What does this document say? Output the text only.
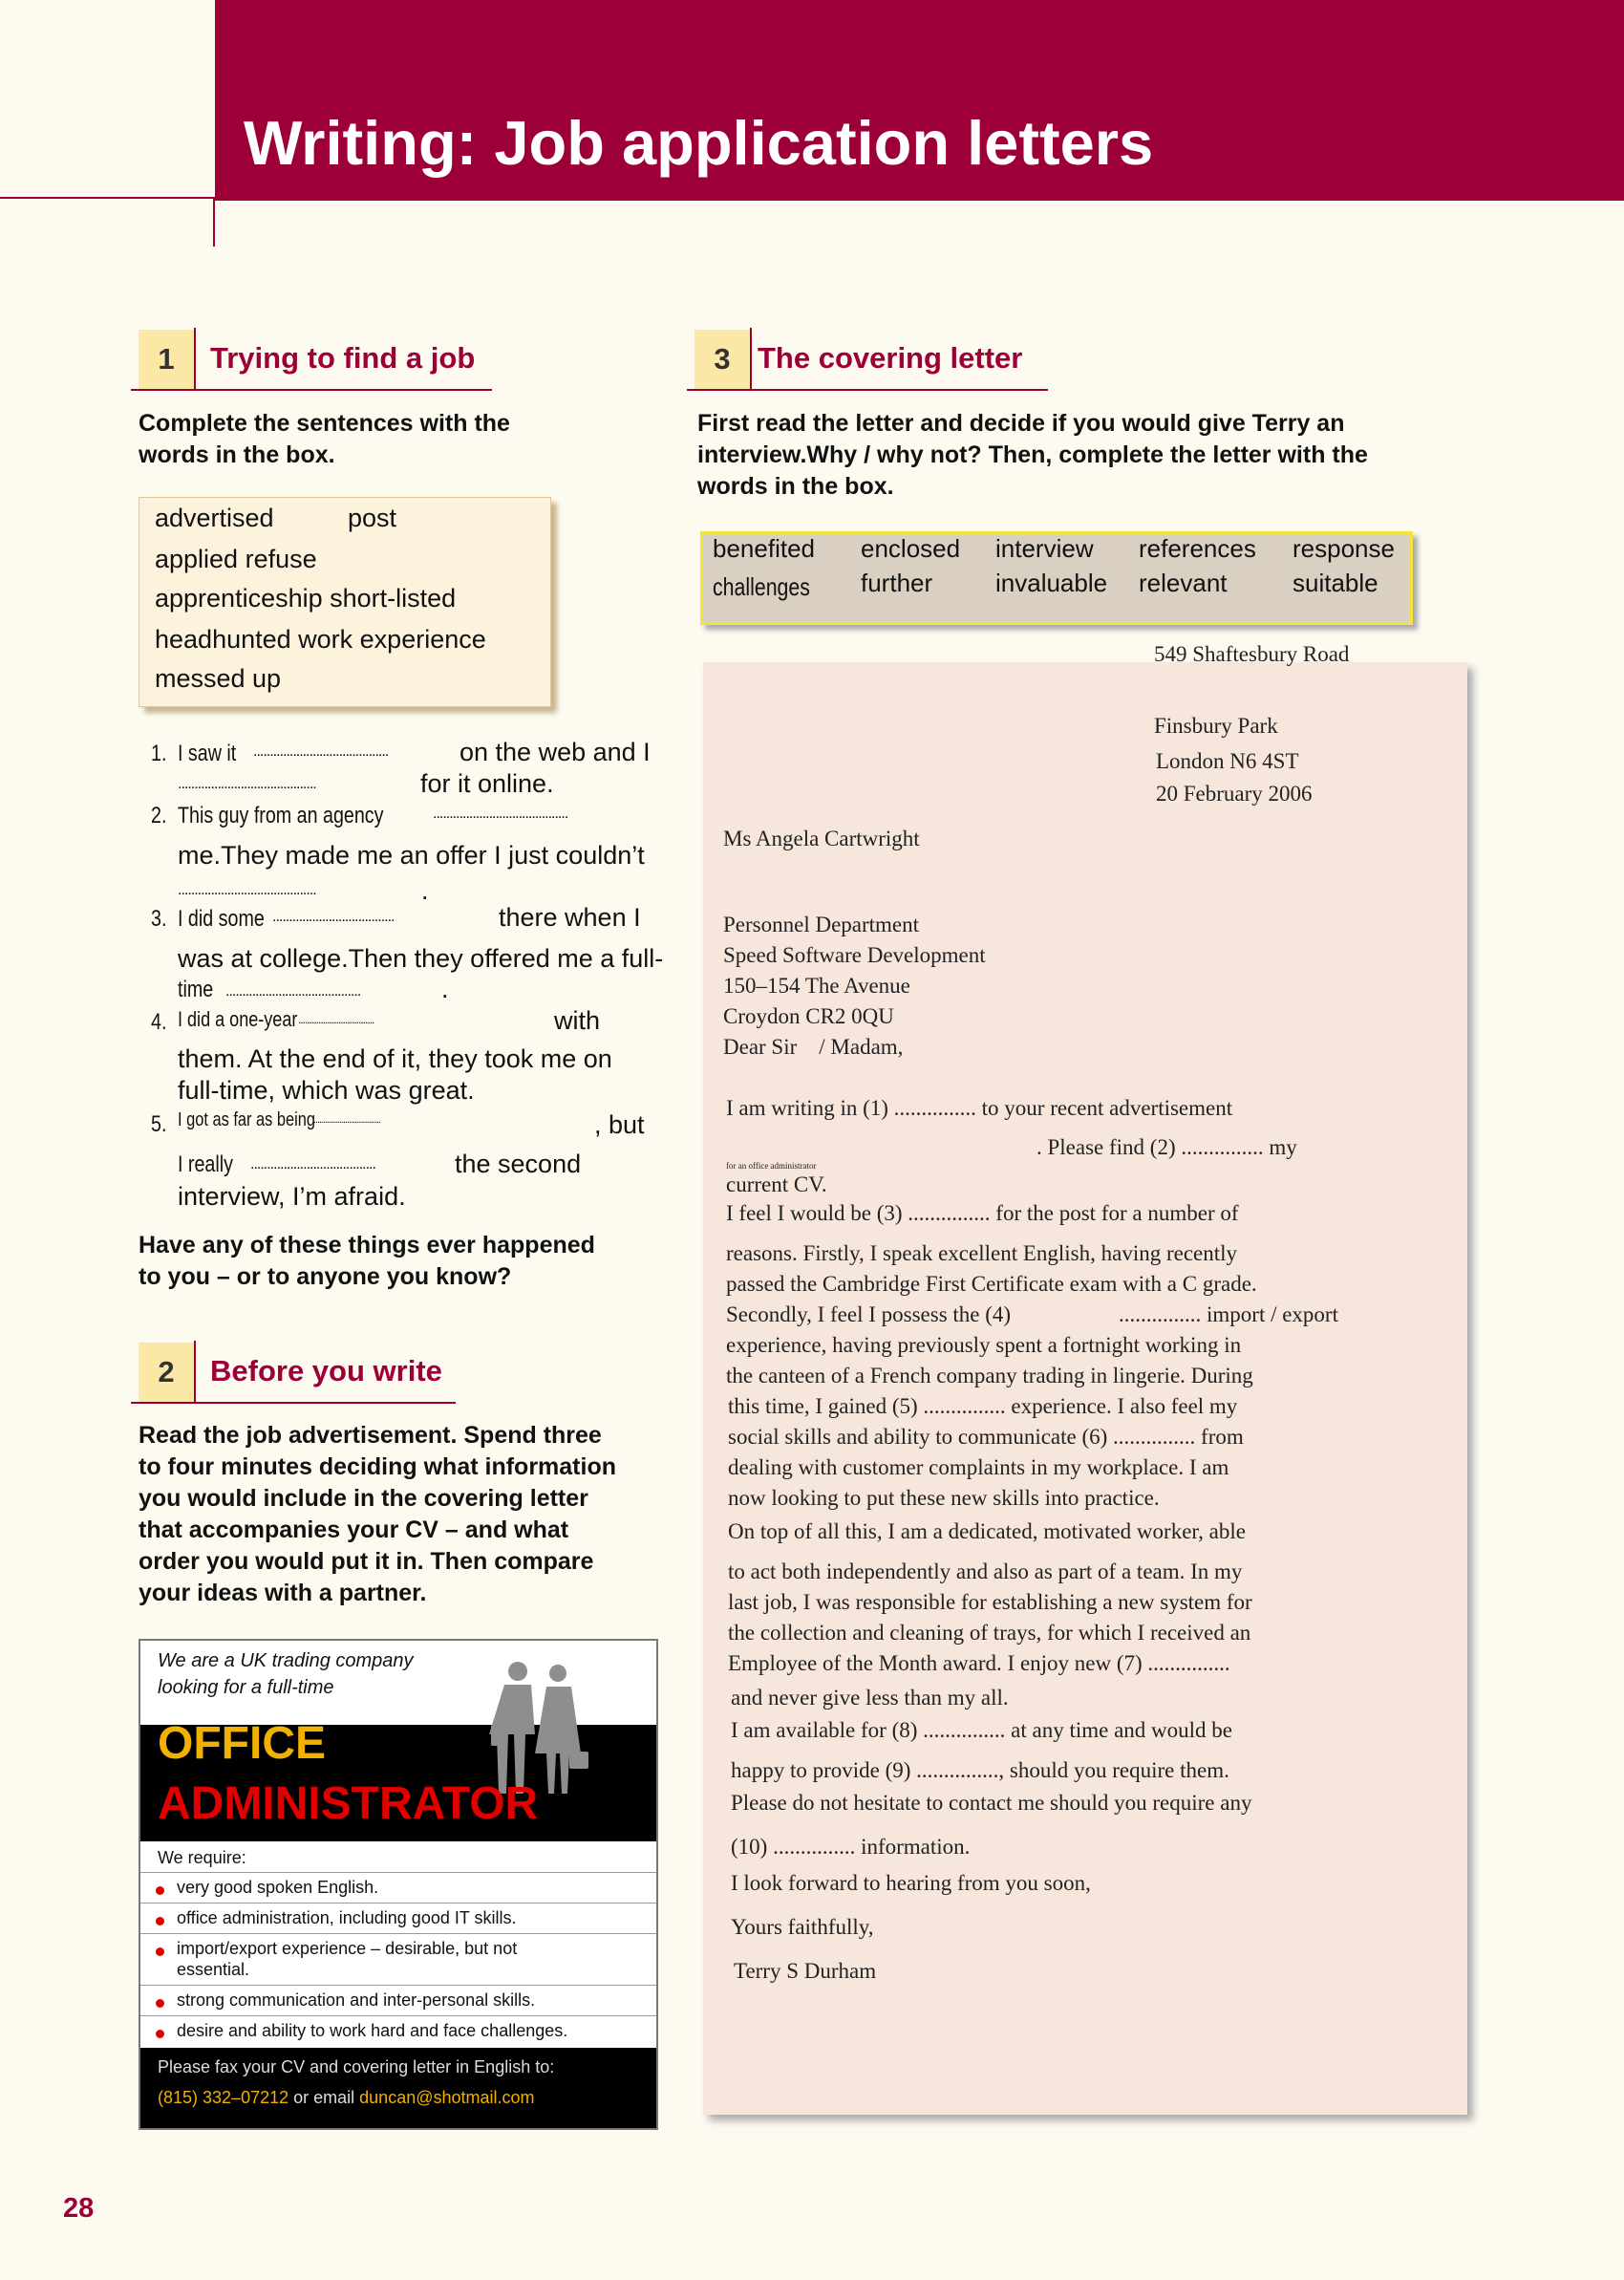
Writing: Job application letters
1	Trying to find a job
Complete the sentences with the
words in the box.
advertised	post
applied refuse
apprenticeship short-listed
headhunted work experience
messed up
1. I saw it	.........................................	on the web and I
..........................................	for it online.
2. This guy from an agency	.........................................
me.They made me an offer I just couldn’t
..........................................	.
3. I did some .....................................	there when I
was at college.Then they offered me a full-
time .........................................	.
4. I did a one-year ..................................	with
them. At the end of it, they took me on
full-time, which was great.
5. I got as far as being
..................................	, but
I really ......................................	the second
interview, I’m afraid.
Have any of these things ever happened
to you – or to anyone you know?
2	Before you write
Read the job advertisement. Spend three
to four minutes deciding what information
you would include in the covering letter
that accompanies your CV – and what
order you would put it in. Then compare
your ideas with a partner.
We are a UK trading company
looking for a full-time
OFFICE
ADMINISTRATOR
We require:
very good spoken English.
office administration, including good IT skills.
import/export experience – desirable, but not
essential.
strong communication and inter-personal skills.
desire and ability to work hard and face challenges.
Please fax your CV and covering letter in English to:
(815) 332–07212 or email duncan@shotmail.com
3 The covering letter
First read the letter and decide if you would give Terry an
interview.Why / why not? Then, complete the letter with the
words in the box.
benefited enclosed interview references response
challenges further	invaluable relevant	suitable
549 Shaftesbury Road
Finsbury Park
London N6 4ST
20 February 2006
Ms Angela Cartwright
Personnel Department
Speed Software Development
150–154 The Avenue
Croydon CR2 0QU
Dear Sir    / Madam,
I am writing in (1) ............... to your recent advertisement
. Please find (2) ............... my
for an office administrator
current CV.
I feel I would be (3) ............... for the post for a number of
reasons. Firstly, I speak excellent English, having recently
passed the Cambridge First Certificate exam with a C grade.
Secondly, I feel I possess the (4)	............... import / export
experience, having previously spent a fortnight working in
the canteen of a French company trading in lingerie. During
this time, I gained (5) ............... experience. I also feel my
social skills and ability to communicate (6) ............... from
dealing with customer complaints in my workplace. I am
now looking to put these new skills into practice.
On top of all this, I am a dedicated, motivated worker, able
to act both independently and also as part of a team. In my
last job, I was responsible for establishing a new system for
the collection and cleaning of trays, for which I received an
Employee of the Month award. I enjoy new (7) ...............
and never give less than my all.
I am available for (8) ............... at any time and would be
happy to provide (9) ..............., should you require them.
Please do not hesitate to contact me should you require any
(10) ............... information.
I look forward to hearing from you soon,
Yours faithfully,
Terry S Durham
28
